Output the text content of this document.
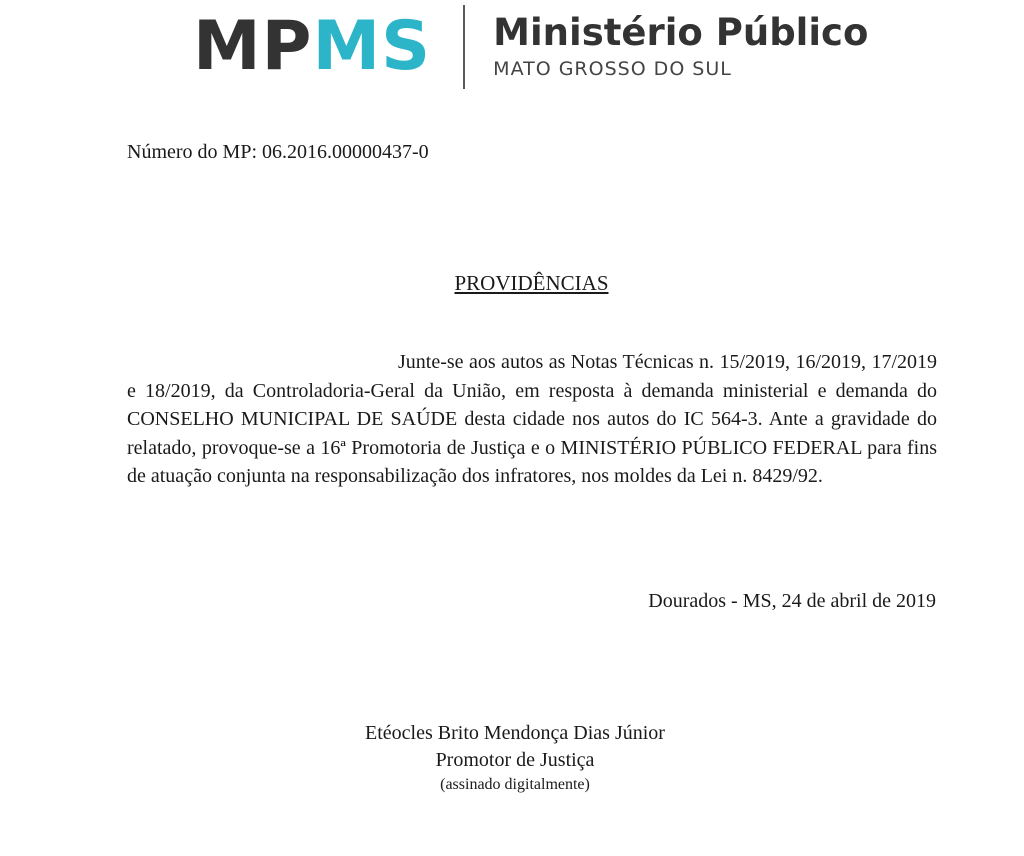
MP MS Ministério Público
MATO GROSSO DO SUL
Número do MP: 06.2016.00000437-0
PROVIDÊNCIAS
Junte-se aos autos as Notas Técnicas n. 15/2019, 16/2019, 17/2019 e 18/2019, da Controladoria-Geral da União, em resposta à demanda ministerial e demanda do CONSELHO MUNICIPAL DE SAÚDE desta cidade nos autos do IC 564-3. Ante a gravidade do relatado, provoque-se a 16ª Promotoria de Justiça e o MINISTÉRIO PÚBLICO FEDERAL para fins de atuação conjunta na responsabilização dos infratores, nos moldes da Lei n. 8429/92.
Dourados - MS, 24 de abril de 2019
Etéocles Brito Mendonça Dias Júnior
Promotor de Justiça
(assinado digitalmente)
